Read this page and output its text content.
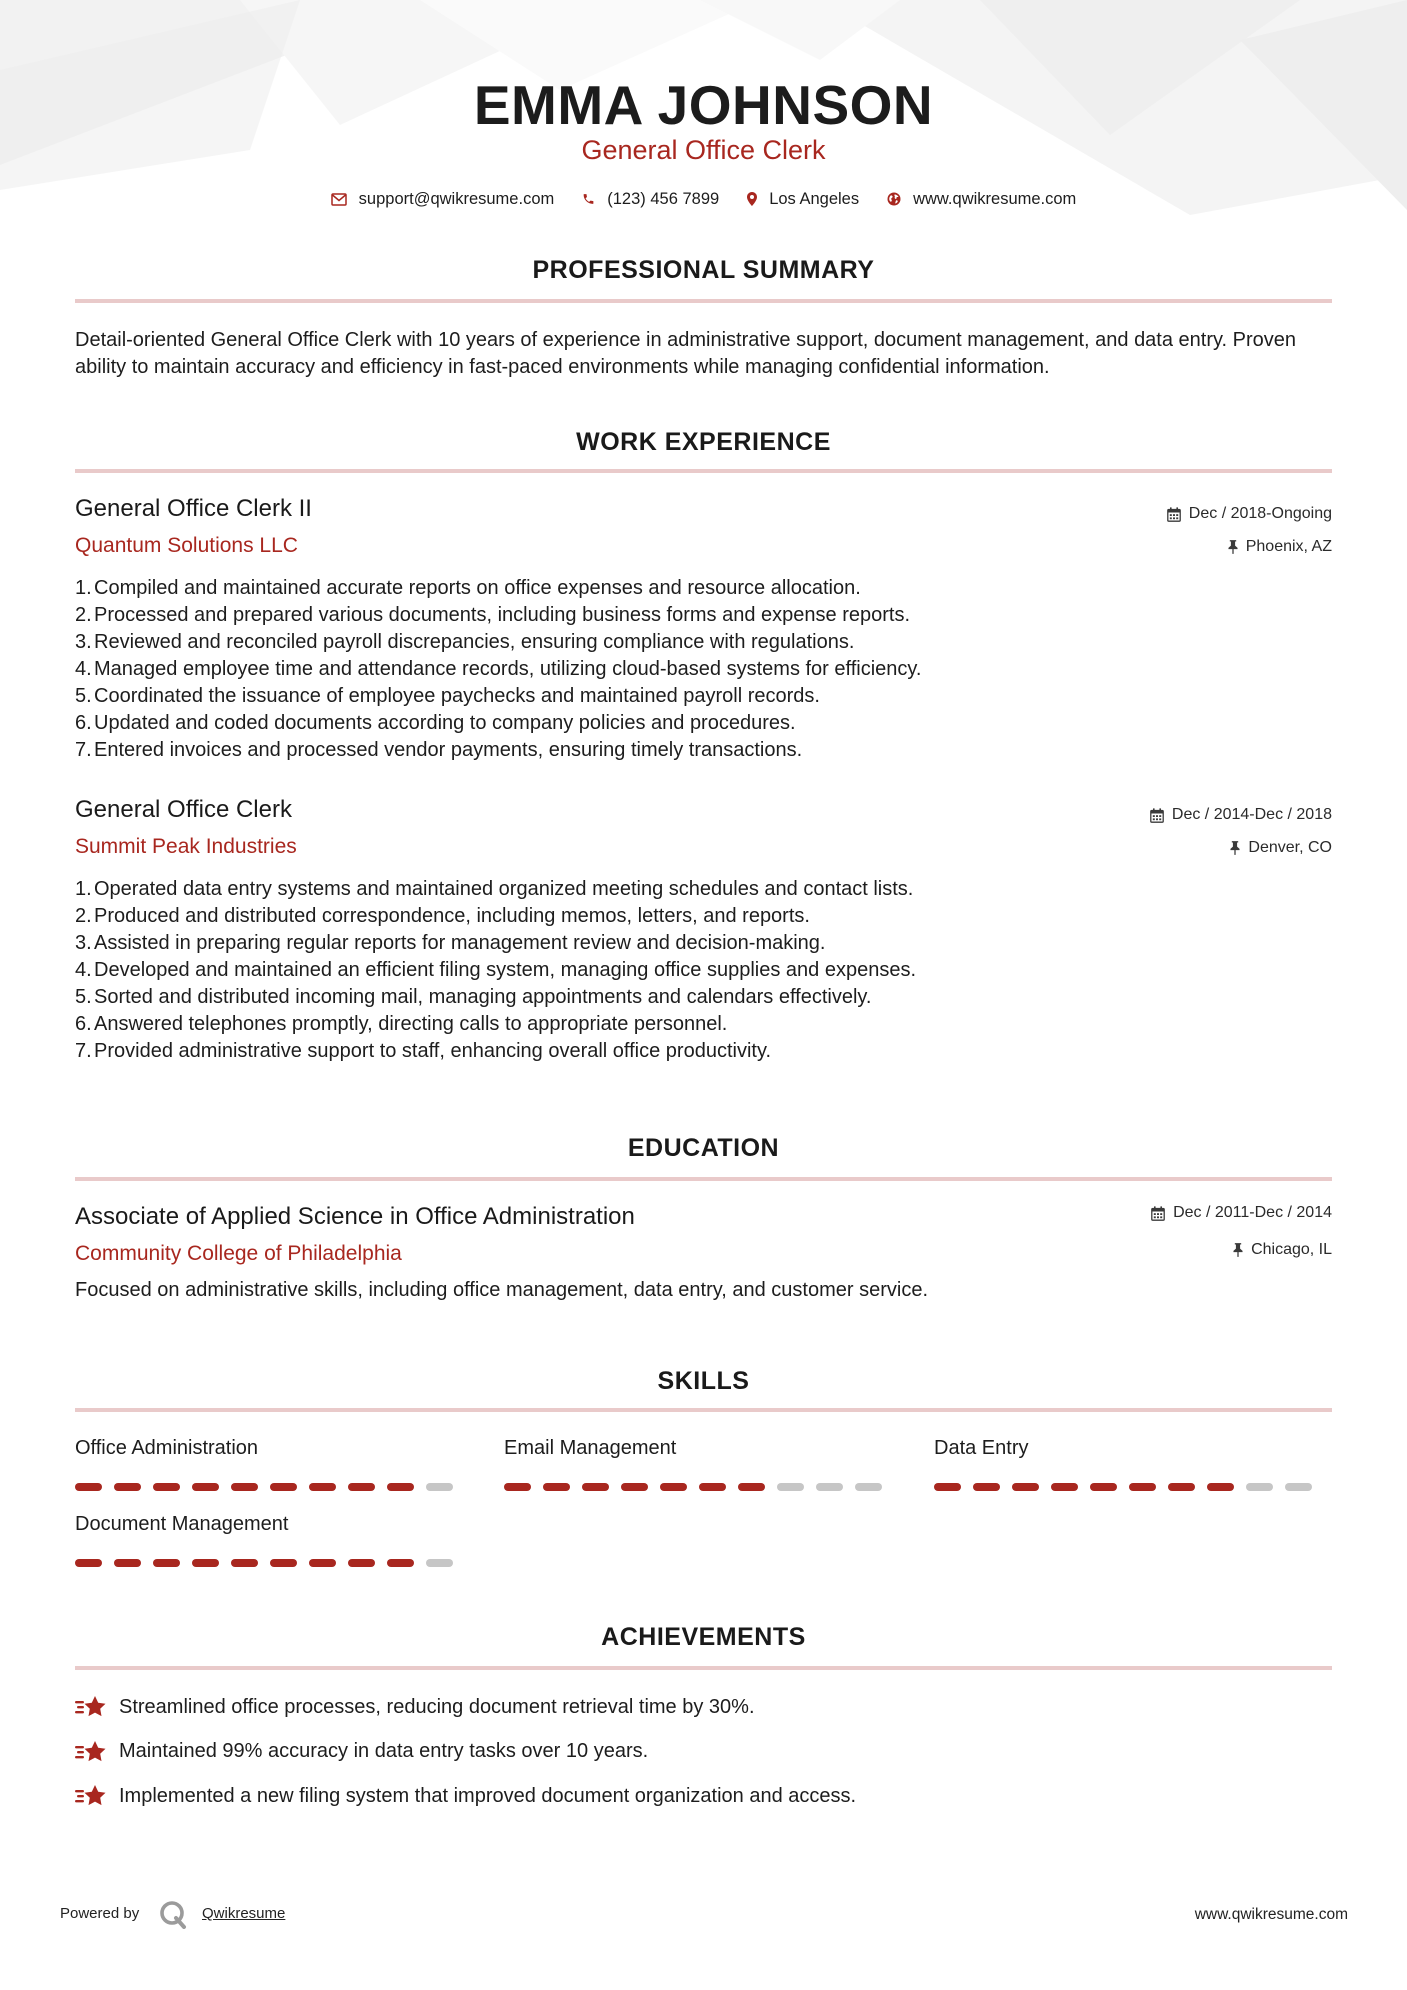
EMMA JOHNSON
General Office Clerk
support@qwikresume.com	(123) 456 7899	Los Angeles	www.qwikresume.com
PROFESSIONAL SUMMARY

Detail-oriented General Office Clerk with 10 years of experience in administrative support, document management, and data entry. Proven ability to maintain accuracy and efficiency in fast-paced environments while managing confidential information.

WORK EXPERIENCE
General Office Clerk II	Dec / 2018-Ongoing
Quantum Solutions LLC	Phoenix, AZ
Compiled and maintained accurate reports on office expenses and resource allocation.
Processed and prepared various documents, including business forms and expense reports.
Reviewed and reconciled payroll discrepancies, ensuring compliance with regulations.
Managed employee time and attendance records, utilizing cloud-based systems for efficiency.
Coordinated the issuance of employee paychecks and maintained payroll records.
Updated and coded documents according to company policies and procedures.
Entered invoices and processed vendor payments, ensuring timely transactions.
General Office Clerk	Dec / 2014-Dec / 2018
Summit Peak Industries	Denver, CO
Operated data entry systems and maintained organized meeting schedules and contact lists.
Produced and distributed correspondence, including memos, letters, and reports.
Assisted in preparing regular reports for management review and decision-making.
Developed and maintained an efficient filing system, managing office supplies and expenses.
Sorted and distributed incoming mail, managing appointments and calendars effectively.
Answered telephones promptly, directing calls to appropriate personnel.
Provided administrative support to staff, enhancing overall office productivity.
EDUCATION
Associate of Applied Science in Office Administration	Dec / 2011-Dec / 2014
Community College of Philadelphia	Chicago, IL
Focused on administrative skills, including office management, data entry, and customer service.
SKILLS
Office Administration	Email Management	Data Entry
Document Management
ACHIEVEMENTS
Streamlined office processes, reducing document retrieval time by 30%.
Maintained 99% accuracy in data entry tasks over 10 years.
Implemented a new filing system that improved document organization and access.
Powered by	Qwikresume	www.qwikresume.com
